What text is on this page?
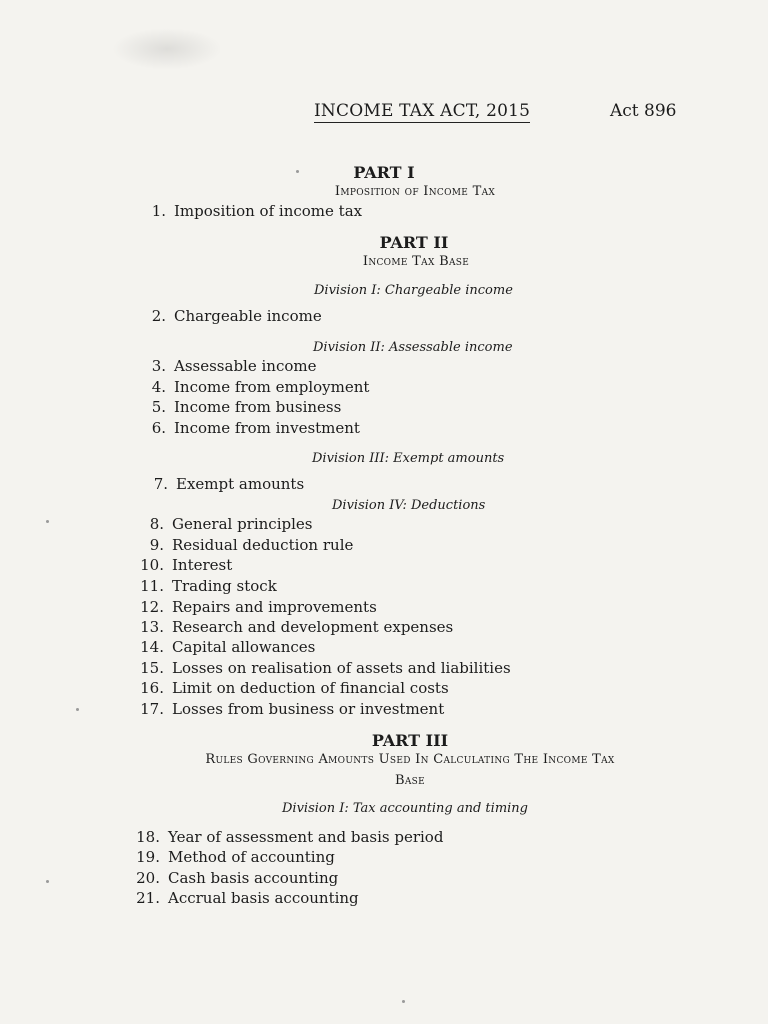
INCOME TAX ACT, 2015	Act 896
PART I
Imposition of Income Tax
1. Imposition of income tax
PART II
Income Tax Base
Division I: Chargeable income
2. Chargeable income
Division II: Assessable income
3. Assessable income
4. Income from employment
5. Income from business
6. Income from investment
Division III: Exempt amounts
7. Exempt amounts
Division IV: Deductions
8. General principles
9. Residual deduction rule
10. Interest
11. Trading stock
12. Repairs and improvements
13. Research and development expenses
14. Capital allowances
15. Losses on realisation of assets and liabilities
16. Limit on deduction of financial costs
17. Losses from business or investment
PART III
Rules Governing Amounts Used In Calculating The Income Tax
Base
Division I: Tax accounting and timing
18. Year of assessment and basis period
19. Method of accounting
20. Cash basis accounting
21. Accrual basis accounting
